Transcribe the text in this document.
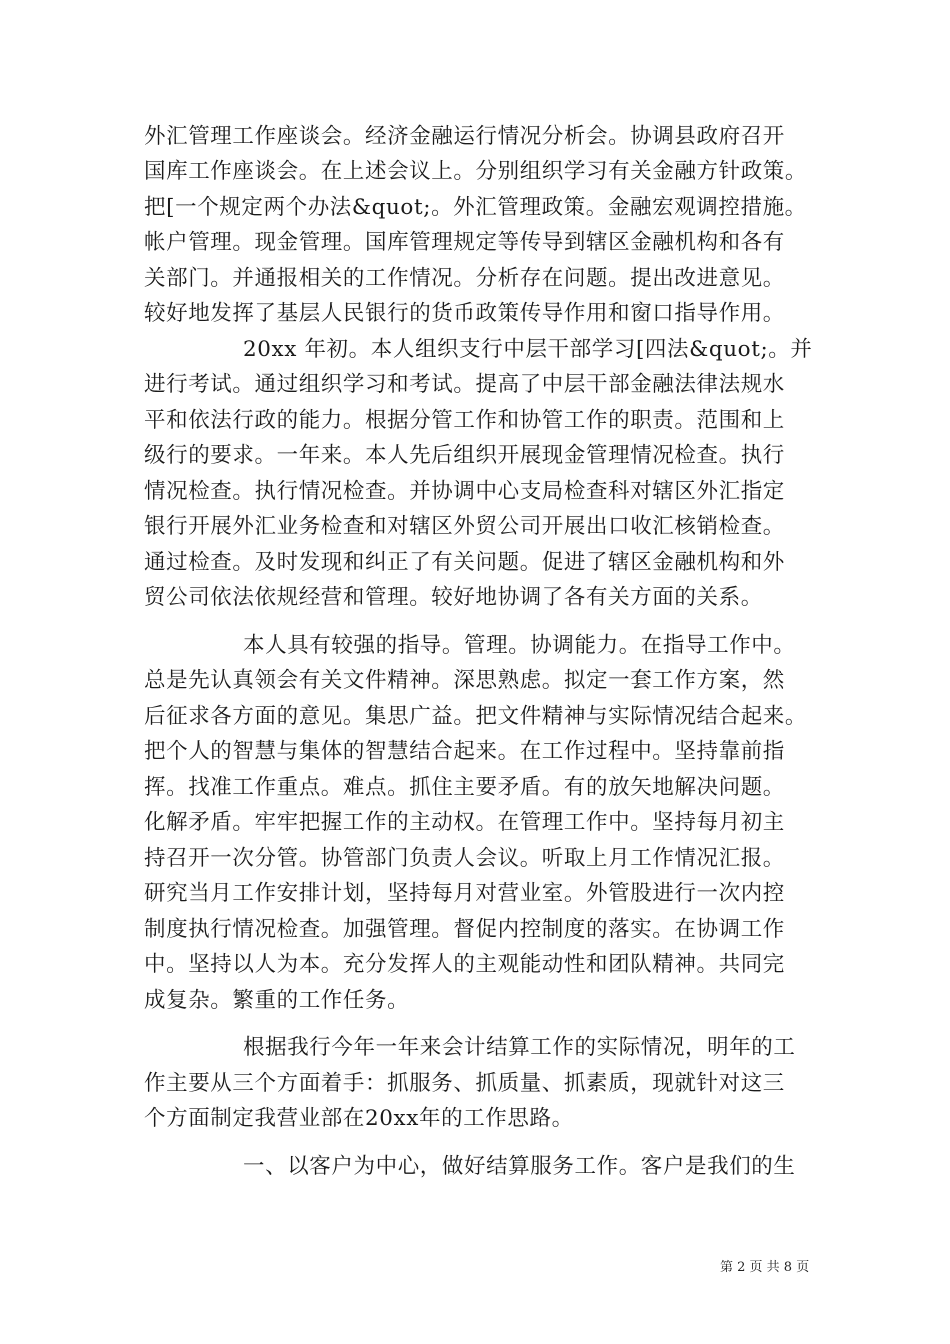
外汇管理工作座谈会。经济金融运行情况分析会。协调县政府召开
国库工作座谈会。在上述会议上。分别组织学习有关金融方针政策。
把[一个规定两个办法&quot;。外汇管理政策。金融宏观调控措施。
帐户管理。现金管理。国库管理规定等传导到辖区金融机构和各有
关部门。并通报相关的工作情况。分析存在问题。提出改进意见。
较好地发挥了基层人民银行的货币政策传导作用和窗口指导作用。
20xx 年初。本人组织支行中层干部学习[四法&quot;。并
进行考试。通过组织学习和考试。提高了中层干部金融法律法规水
平和依法行政的能力。根据分管工作和协管工作的职责。范围和上
级行的要求。一年来。本人先后组织开展现金管理情况检查。执行
情况检查。执行情况检查。并协调中心支局检查科对辖区外汇指定
银行开展外汇业务检查和对辖区外贸公司开展出口收汇核销检查。
通过检查。及时发现和纠正了有关问题。促进了辖区金融机构和外
贸公司依法依规经营和管理。较好地协调了各有关方面的关系。
本人具有较强的指导。管理。协调能力。在指导工作中。
总是先认真领会有关文件精神。深思熟虑。拟定一套工作方案，然
后征求各方面的意见。集思广益。把文件精神与实际情况结合起来。
把个人的智慧与集体的智慧结合起来。在工作过程中。坚持靠前指
挥。找准工作重点。难点。抓住主要矛盾。有的放矢地解决问题。
化解矛盾。牢牢把握工作的主动权。在管理工作中。坚持每月初主
持召开一次分管。协管部门负责人会议。听取上月工作情况汇报。
研究当月工作安排计划，坚持每月对营业室。外管股进行一次内控
制度执行情况检查。加强管理。督促内控制度的落实。在协调工作
中。坚持以人为本。充分发挥人的主观能动性和团队精神。共同完
成复杂。繁重的工作任务。
根据我行今年一年来会计结算工作的实际情况，明年的工
作主要从三个方面着手：抓服务、抓质量、抓素质，现就针对这三
个方面制定我营业部在20xx年的工作思路。
一、以客户为中心，做好结算服务工作。客户是我们的生
第 2 页 共 8 页
